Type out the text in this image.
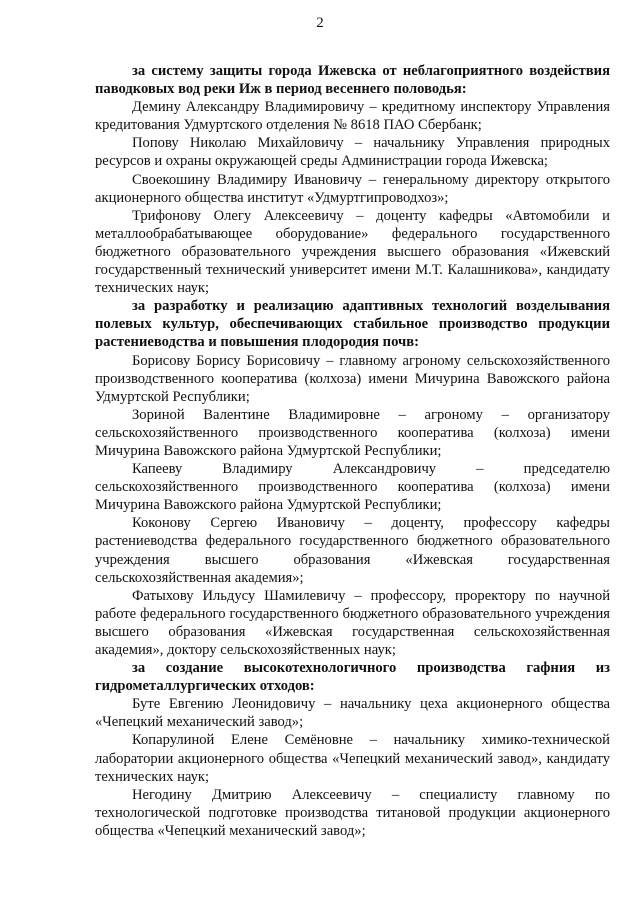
2

за систему защиты города Ижевска от неблагоприятного воздействия паводковых вод реки Иж в период весеннего половодья:

Демину Александру Владимировичу – кредитному инспектору Управления кредитования Удмуртского отделения № 8618 ПАО Сбербанк;

Попову Николаю Михайловичу – начальнику Управления природных ресурсов и охраны окружающей среды Администрации города Ижевска;

Своекошину Владимиру Ивановичу – генеральному директору открытого акционерного общества институт «Удмуртгипроводхоз»;

Трифонову Олегу Алексеевичу – доценту кафедры «Автомобили и металлообрабатывающее оборудование» федерального государственного бюджетного образовательного учреждения высшего образования «Ижевский государственный технический университет имени М.Т. Калашникова», кандидату технических наук;

за разработку и реализацию адаптивных технологий возделывания полевых культур, обеспечивающих стабильное производство продукции растениеводства и повышения плодородия почв:

Борисову Борису Борисовичу – главному агроному сельскохозяйственного производственного кооператива (колхоза) имени Мичурина Вавожского района Удмуртской Республики;

Зориной Валентине Владимировне – агроному – организатору сельскохозяйственного производственного кооператива (колхоза) имени Мичурина Вавожского района Удмуртской Республики;

Капееву Владимиру Александровичу – председателю сельскохозяйственного производственного кооператива (колхоза) имени Мичурина Вавожского района Удмуртской Республики;

Коконову Сергею Ивановичу – доценту, профессору кафедры растениеводства федерального государственного бюджетного образовательного учреждения высшего образования «Ижевская государственная сельскохозяйственная академия»;

Фатыхову Ильдусу Шамилевичу – профессору, проректору по научной работе федерального государственного бюджетного образовательного учреждения высшего образования «Ижевская государственная сельскохозяйственная академия», доктору сельскохозяйственных наук;

за создание высокотехнологичного производства гафния из гидрометаллургических отходов:

Буте Евгению Леонидовичу – начальнику цеха акционерного общества «Чепецкий механический завод»;

Копарулиной Елене Семёновне – начальнику химико-технической лаборатории акционерного общества «Чепецкий механический завод», кандидату технических наук;

Негодину Дмитрию Алексеевичу – специалисту главному по технологической подготовке производства титановой продукции акционерного общества «Чепецкий механический завод»;
